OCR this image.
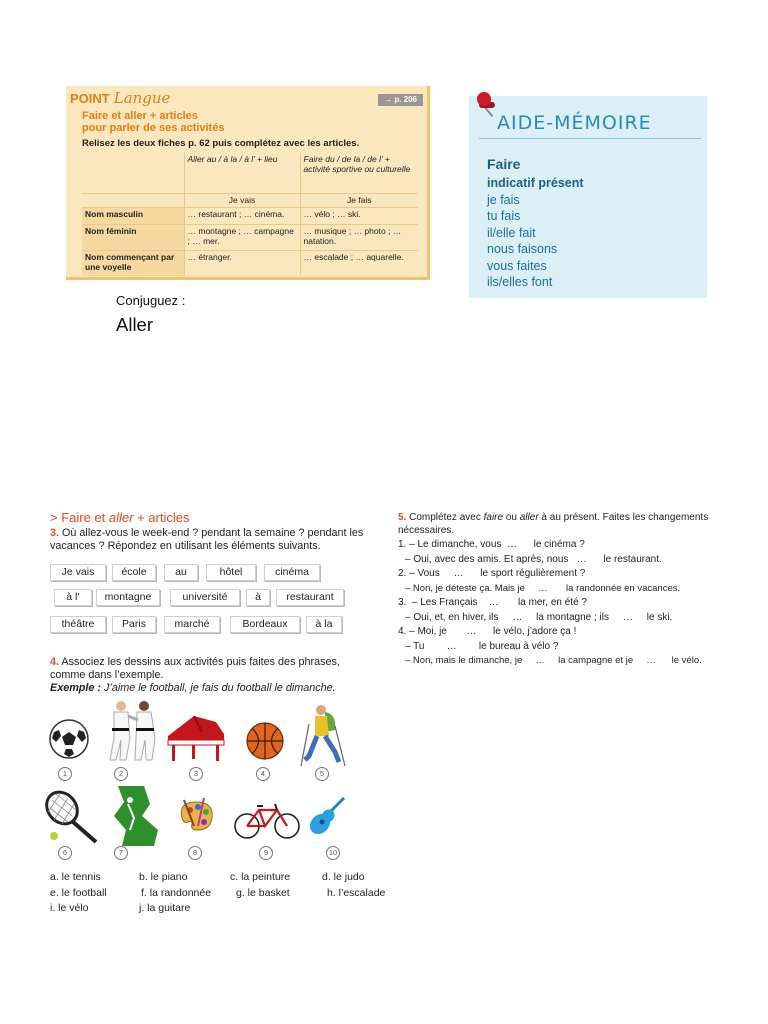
POINT Langue	→ p. 206
Faire et aller + articles
pour parler de ses activités
Relisez les deux fiches p. 62 puis complétez avec les articles.
	Aller au / à la / à l’ + lieu	Faire du / de la / de l’ + activité sportive ou culturelle
	Je vais	Je fais
Nom masculin	… restaurant ; … cinéma.	… vélo ; … ski.
Nom féminin	… montagne ; … campagne ; … mer.	… musique ; … photo ; … natation.
Nom commençant par une voyelle	… étranger.	… escalade ; … aquarelle.
AIDE-MÉMOIRE
Faire
indicatif présent
je fais
tu fais
il/elle fait
nous faisons
vous faites
ils/elles font
Conjuguez :
Aller
> Faire et aller + articles
3. Où allez-vous le week-end ? pendant la semaine ? pendant les vacances ? Répondez en utilisant les éléments suivants.
Je vais	école	au	hôtel	cinéma
à l’	montagne	université	à	restaurant
théâtre	Paris	marché	Bordeaux	à la
4. Associez les dessins aux activités puis faites des phrases, comme dans l’exemple.
Exemple : J’aime le football, je fais du football le dimanche.
1	2	3	4	5
6	7	8	9	10
a. le tennis	b. le piano	c. la peinture	d. le judo
e. le football	f. la randonnée g. le basket	h. l’escalade
i. le vélo	j. la guitare
5. Complétez avec faire ou aller à au présent. Faites les changements nécessaires.
1. – Le dimanche, vous  …      le cinéma ?
– Oui, avec des amis. Et après, nous   …      le restaurant.
2. – Vous     …      le sport régulièrement ?
– Non, je déteste ça. Mais je     …       la randonnée en vacances.
3.  – Les Français    …       la mer, en été ?
– Oui, et, en hiver, ils     …     la montagne ; ils     …     le ski.
4. – Moi, je       …      le vélo, j’adore ça !
– Tu        …        le bureau à vélo ?
– Non, mais le dimanche, je     …     la campagne et je     …      le vélo.
